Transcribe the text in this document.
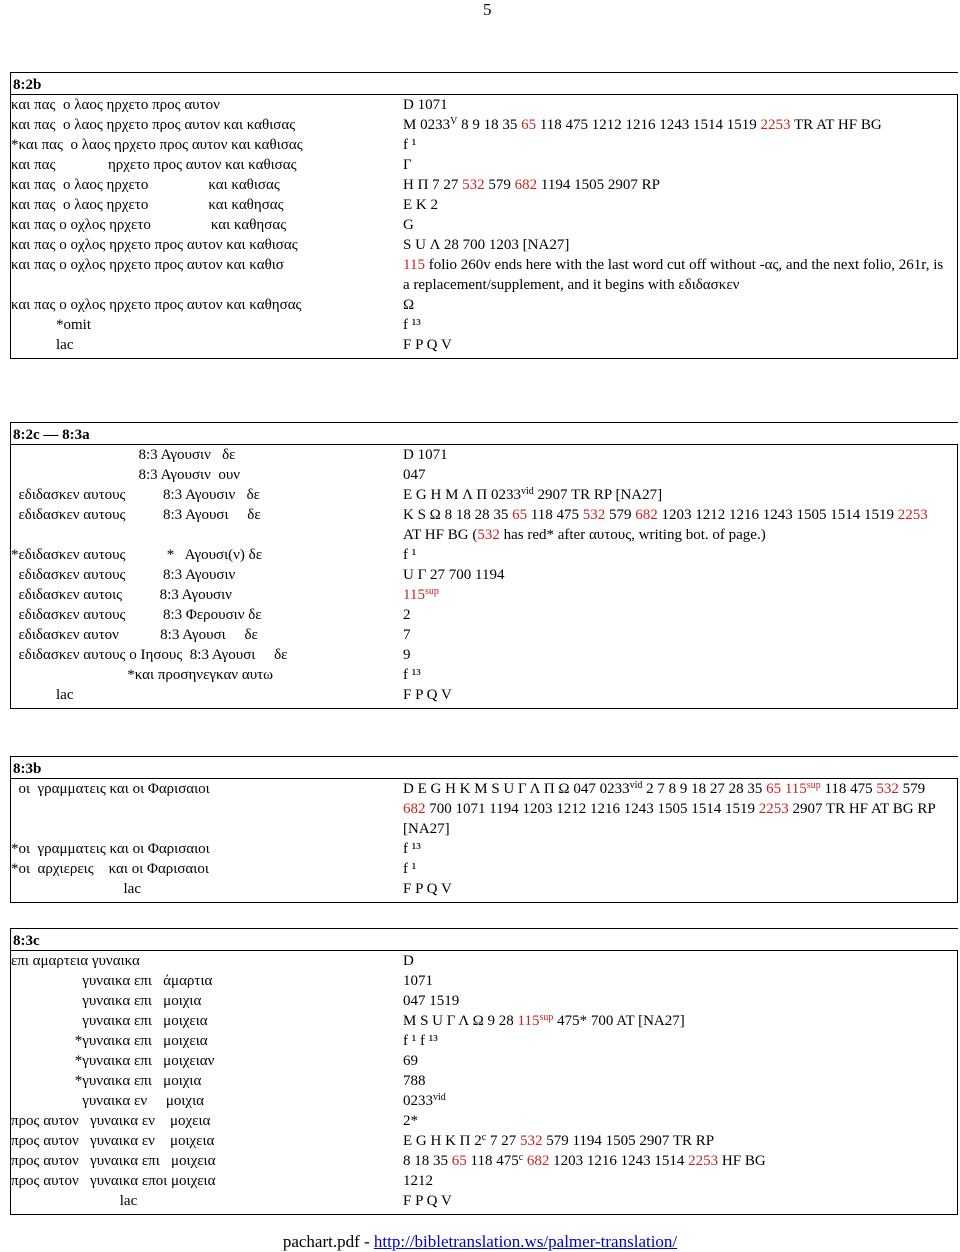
5
8:2b
και πας  ο λαος ηρχετο προς αυτον	D 1071
και πας  ο λαος ηρχετο προς αυτον και καθισας	M $0233^V$ 8 9 18 35 65 118 475 1212 1216 1243 1514 1519 2253 TR AT HF BG
*και πας  ο λαος ηρχετο προς αυτον και καθισας	f ¹
και πας              ηρχετο προς αυτον και καθισας	Γ
και πας  ο λαος ηρχετο                και καθισας	H Π 7 27 532 579 682 1194 1505 2907 RP
και πας  ο λαος ηρχετο                και καθησας	E K 2
και πας ο οχλος ηρχετο                και καθησας	G
και πας ο οχλος ηρχετο προς αυτον και καθισας	S U Λ 28 700 1203 [NA27]
και πας ο οχλος ηρχετο προς αυτον και καθισ	115 folio 260v ends here with the last word cut off without -ας, and the next folio, 261r, is a replacement/supplement, and it begins with εδιδασκεν
και πας ο οχλος ηρχετο προς αυτον και καθησας	Ω
*omit	f ¹³
lac	F P Q V
8:2c — 8:3a
8:3 Αγουσιν   δε	D 1071
8:3 Αγουσιν  ουν	047
εδιδασκεν αυτους          8:3 Αγουσιν   δε	E G H M Λ Π $0233^{vid}$ 2907 TR RP [NA27]
εδιδασκεν αυτους          8:3 Αγουσι     δε	K S Ω 8 18 28 35 65 118 475 532 579 682 1203 1212 1216 1243 1505 1514 1519 2253 AT HF BG (532 has red* after αυτους, writing bot. of page.)
*εδιδασκεν αυτους           *   Αγουσι(ν) δε	f ¹
εδιδασκεν αυτους          8:3 Αγουσιν	U Γ 27 700 1194
εδιδασκεν αυτοις          8:3 Αγουσιν	$115^{sup}$
εδιδασκεν αυτους          8:3 Φερουσιν δε	2
εδιδασκεν αυτον           8:3 Αγουσι     δε	7
εδιδασκεν αυτους ο Ιησους  8:3 Αγουσι     δε	9
*και προσηνεγκαν αυτω	f ¹³
lac	F P Q V
8:3b
οι  γραμματεις και οι Φαρισαιοι	D E G H K M S U Γ Λ Π Ω 047 $0233^{vid}$ 2 7 8 9 18 27 28 35 65 $115^{sup}$ 118 475 532 579 682 700 1071 1194 1203 1212 1216 1243 1505 1514 1519 2253 2907 TR HF AT BG RP [NA27]
*οι  γραμματεις και οι Φαρισαιοι	f ¹³
*οι  αρχιερεις    και οι Φαρισαιοι	f ¹
lac	F P Q V
8:3c
επι αμαρτεια γυναικα	D
γυναικα επι   άμαρτια	1071
γυναικα επι   μοιχια	047 1519
γυναικα επι   μοιχεια	M S U Γ Λ Ω 9 28 $115^{sup}$ 475* 700 AT [NA27]
*γυναικα επι   μοιχεια	f ¹ f ¹³
*γυναικα επι   μοιχειαν	69
*γυναικα επι   μοιχια	788
γυναικα εν     μοιχια	$0233^{vid}$
προς αυτον   γυναικα εν    μοχεια	2*
προς αυτον   γυναικα εν    μοιχεια	E G H K Π 2$^c$ 7 27 532 579 1194 1505 2907 TR RP
προς αυτον   γυναικα επι   μοιχεια	8 18 35 65 118 475$^c$ 682 1203 1216 1243 1514 2253 HF BG
προς αυτον   γυναικα εποι μοιχεια	1212
lac	F P Q V
pachart.pdf - http://bibletranslation.ws/palmer-translation/
